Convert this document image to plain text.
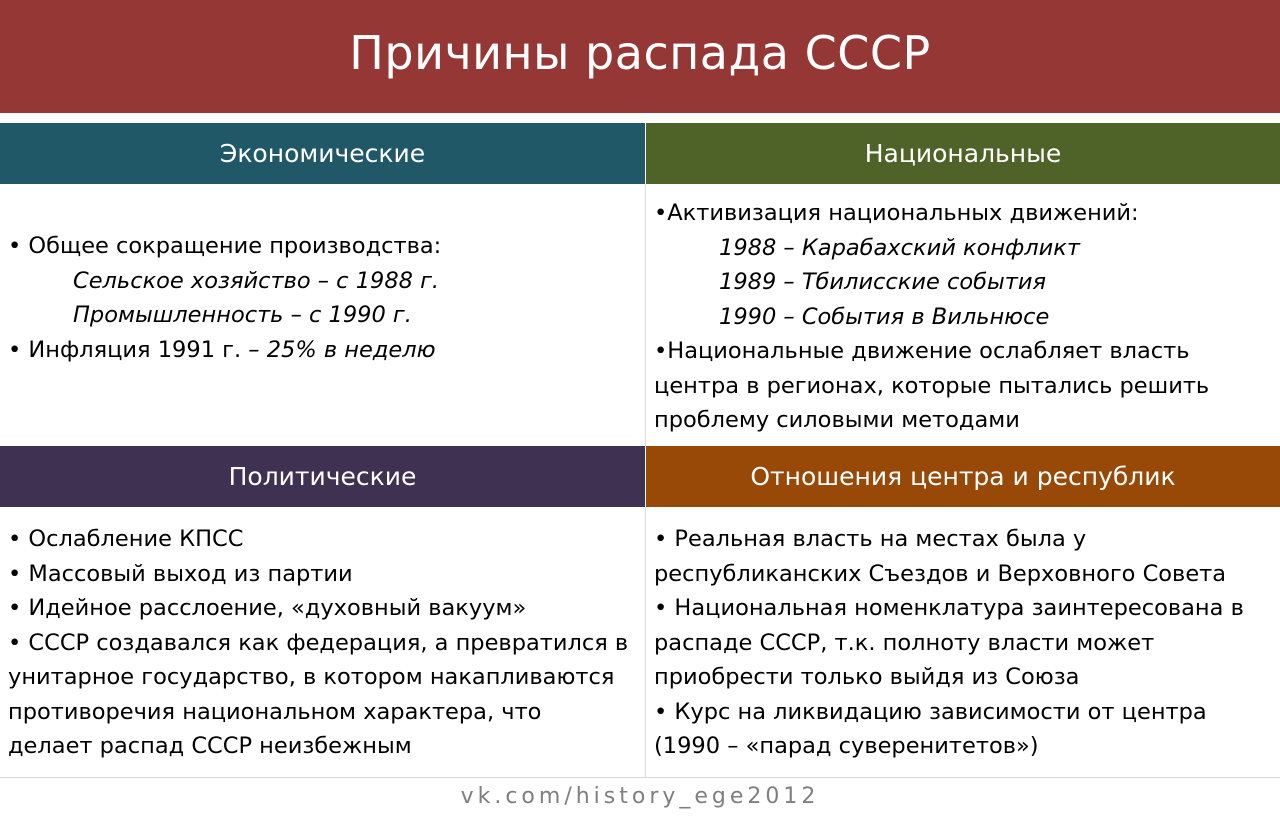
Причины распада СССР
Экономические	Национальные
• Общее сокращение производства:
Сельское хозяйство – с 1988 г.
Промышленность – с 1990 г.
• Инфляция 1991 г. – 25% в неделю
•Активизация национальных движений:
1988 – Карабахский конфликт
1989 – Тбилисские события
1990 – События в Вильнюсе
•Национальные движение ослабляет власть
центра в регионах, которые пытались решить
проблему силовыми методами
Политические	Отношения центра и республик
• Ослабление КПСС
• Массовый выход из партии
• Идейное расслоение, «духовный вакуум»
• СССР создавался как федерация, а превратился в
унитарное государство, в котором накапливаются
противоречия национальном характера, что
делает распад СССР неизбежным
• Реальная власть на местах была у
республиканских Съездов и Верховного Совета
• Национальная номенклатура заинтересована в
распаде СССР, т.к. полноту власти может
приобрести только выйдя из Союза
• Курс на ликвидацию зависимости от центра
(1990 – «парад суверенитетов»)
vk.com/history_ege2012
